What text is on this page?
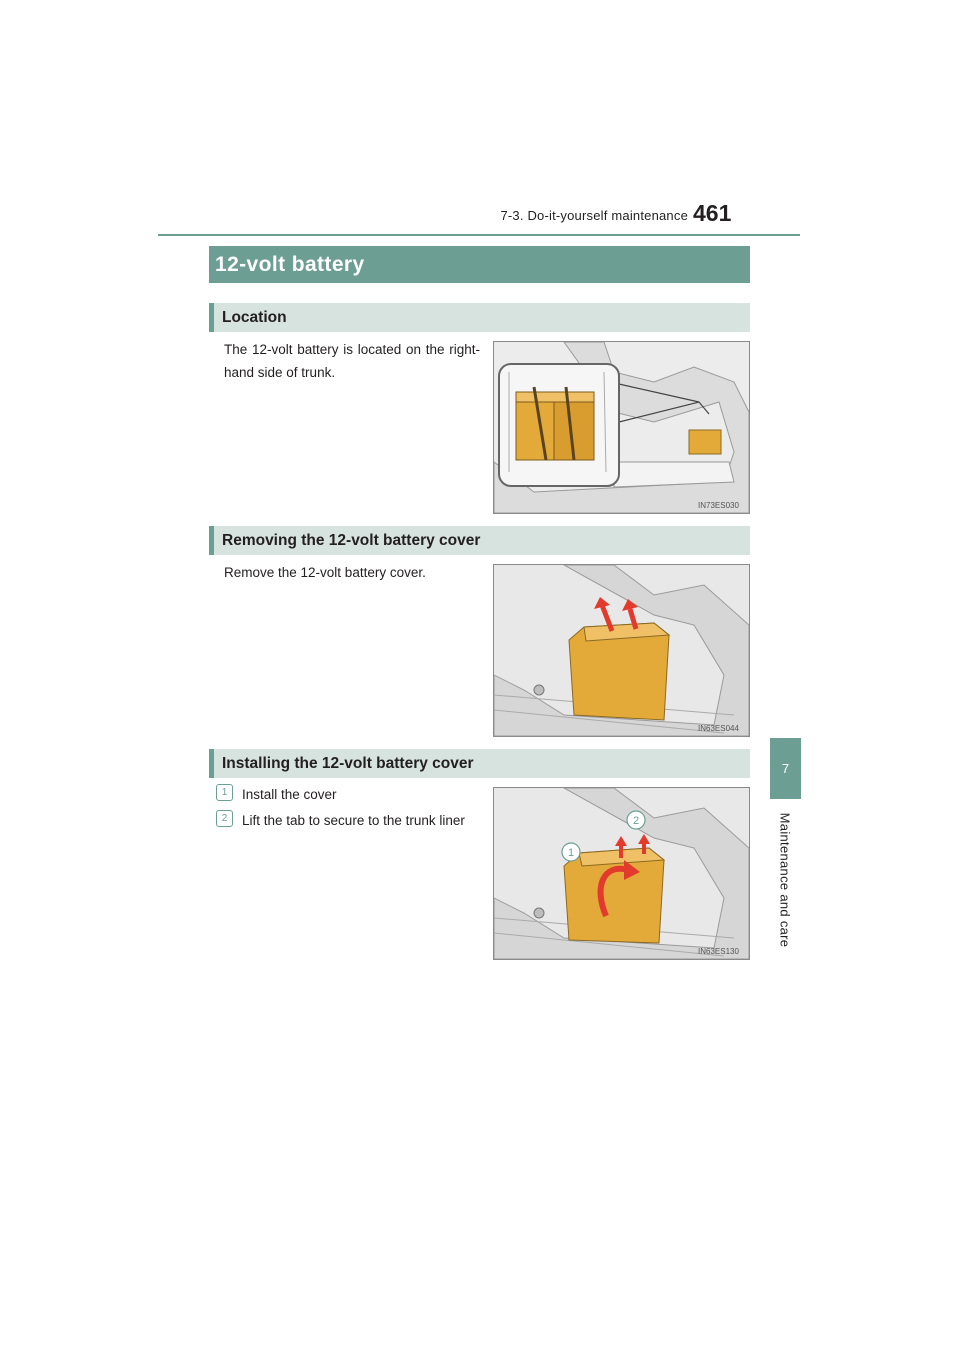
7-3. Do-it-yourself maintenance 461
7
Maintenance and care
12-volt battery
Location
The 12-volt battery is located on the right-hand side of trunk.
IN73ES030
Removing the 12-volt battery cover
Remove the 12-volt battery cover.
IN63ES044
Installing the 12-volt battery cover
1	Install the cover
2	Lift the tab to secure to the trunk liner
1
2
IN63ES130
